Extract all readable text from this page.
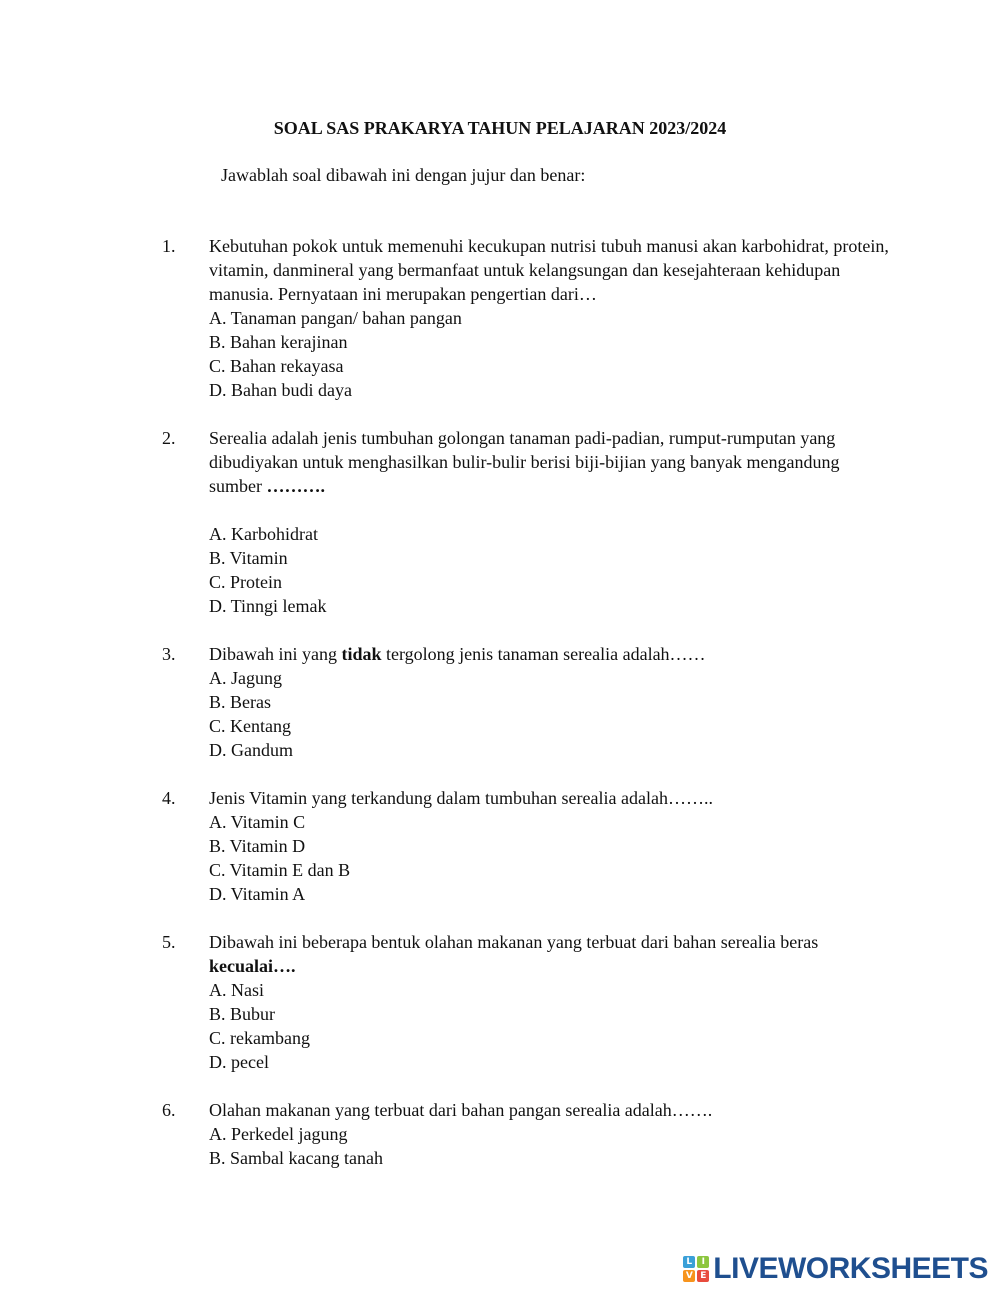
SOAL SAS PRAKARYA TAHUN PELAJARAN 2023/2024
Jawablah soal dibawah ini dengan jujur dan benar:
1. Kebutuhan pokok untuk memenuhi kecukupan nutrisi tubuh manusi akan karbohidrat, protein, vitamin, danmineral yang bermanfaat untuk kelangsungan dan kesejahteraan kehidupan manusia. Pernyataan ini merupakan pengertian dari…
A. Tanaman pangan/ bahan pangan
B. Bahan kerajinan
C. Bahan rekayasa
D. Bahan budi daya
2. Serealia adalah jenis tumbuhan golongan tanaman padi-padian, rumput-rumputan yang dibudiyakan untuk menghasilkan bulir-bulir berisi biji-bijian yang banyak mengandung sumber ……….
A. Karbohidrat
B. Vitamin
C. Protein
D. Tinngi lemak
3. Dibawah ini yang tidak tergolong jenis tanaman serealia adalah……
A. Jagung
B. Beras
C. Kentang
D. Gandum
4. Jenis Vitamin yang terkandung dalam tumbuhan serealia adalah……..
A. Vitamin C
B. Vitamin D
C. Vitamin E dan B
D. Vitamin A
5. Dibawah ini beberapa bentuk olahan makanan yang terbuat dari bahan serealia beras kecualai….
A. Nasi
B. Bubur
C. rekambang
D. pecel
6. Olahan makanan yang terbuat dari bahan pangan serealia adalah…….
A. Perkedel jagung
B. Sambal kacang tanah
L	I
V E LIVEWORKSHEETS
